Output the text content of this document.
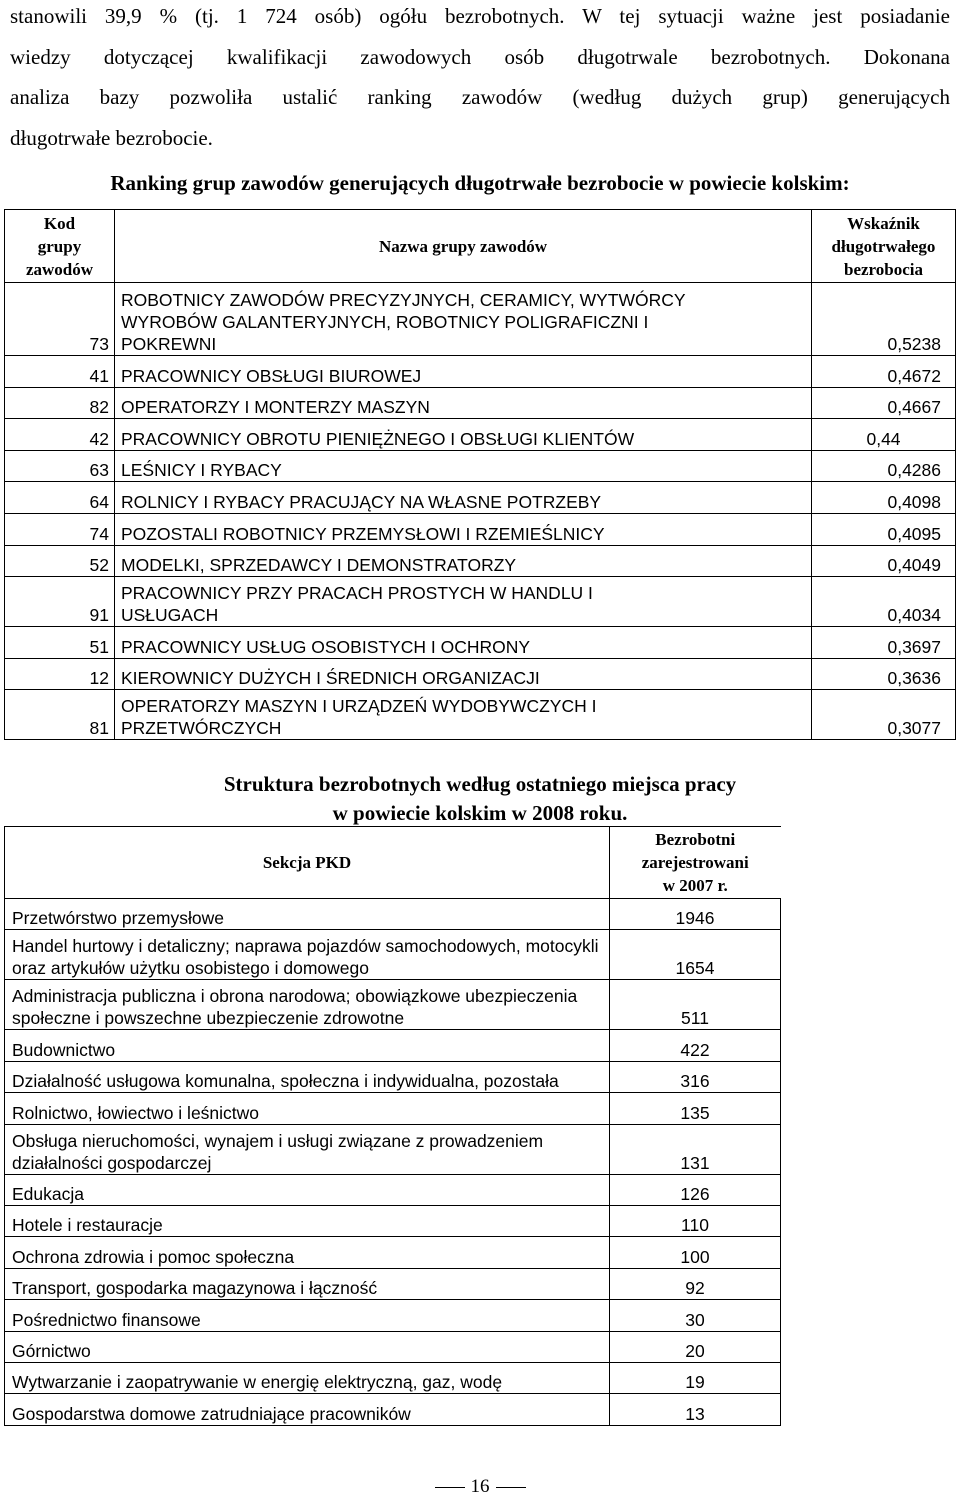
stanowili 39,9 % (tj. 1 724 osób) ogółu bezrobotnych. W tej sytuacji ważne jest posiadanie
wiedzy dotyczącej kwalifikacji zawodowych osób długotrwale bezrobotnych. Dokonana
analiza bazy pozwoliła ustalić ranking zawodów (według dużych grup) generujących
długotrwałe bezrobocie.

Ranking grup zawodów generujących długotrwałe bezrobocie w powiecie kolskim:

Kod
grupy
zawodów	Nazwa grupy zawodów	Wskaźnik
długotrwałego
bezrobocia
73	ROBOTNICY ZAWODÓW PRECYZYJNYCH, CERAMICY, WYTWÓRCY
WYROBÓW GALANTERYJNYCH, ROBOTNICY POLIGRAFICZNI I
POKREWNI	0,5238
41	PRACOWNICY OBSŁUGI BIUROWEJ	0,4672
82	OPERATORZY I MONTERZY MASZYN	0,4667
42	PRACOWNICY OBROTU PIENIĘŻNEGO I OBSŁUGI KLIENTÓW	0,44
63	LEŚNICY I RYBACY	0,4286
64	ROLNICY I RYBACY PRACUJĄCY NA WŁASNE POTRZEBY	0,4098
74	POZOSTALI ROBOTNICY PRZEMYSŁOWI I RZEMIEŚLNICY	0,4095
52	MODELKI, SPRZEDAWCY I DEMONSTRATORZY	0,4049
91	PRACOWNICY PRZY PRACACH PROSTYCH W HANDLU I
USŁUGACH	0,4034
51	PRACOWNICY USŁUG OSOBISTYCH I OCHRONY	0,3697
12	KIEROWNICY DUŻYCH I ŚREDNICH ORGANIZACJI	0,3636
81	OPERATORZY MASZYN I URZĄDZEŃ WYDOBYWCZYCH I
PRZETWÓRCZYCH	0,3077
Struktura bezrobotnych według ostatniego miejsca pracy
w powiecie kolskim w 2008 roku.
Sekcja PKD	Bezrobotni
zarejestrowani
w 2007 r.
Przetwórstwo przemysłowe	1946
Handel hurtowy i detaliczny; naprawa pojazdów samochodowych, motocykli
oraz artykułów użytku osobistego i domowego	1654
Administracja publiczna i obrona narodowa; obowiązkowe ubezpieczenia
społeczne i powszechne ubezpieczenie zdrowotne	511
Budownictwo	422
Działalność usługowa komunalna, społeczna i indywidualna, pozostała	316
Rolnictwo, łowiectwo i leśnictwo	135
Obsługa nieruchomości, wynajem i usługi związane z prowadzeniem
działalności gospodarczej	131
Edukacja	126
Hotele i restauracje	110
Ochrona zdrowia i pomoc społeczna	100
Transport, gospodarka magazynowa i łączność	92
Pośrednictwo finansowe	30
Górnictwo	20
Wytwarzanie i zaopatrywanie w energię elektryczną, gaz, wodę	19
Gospodarstwa domowe zatrudniające pracowników	13
16
